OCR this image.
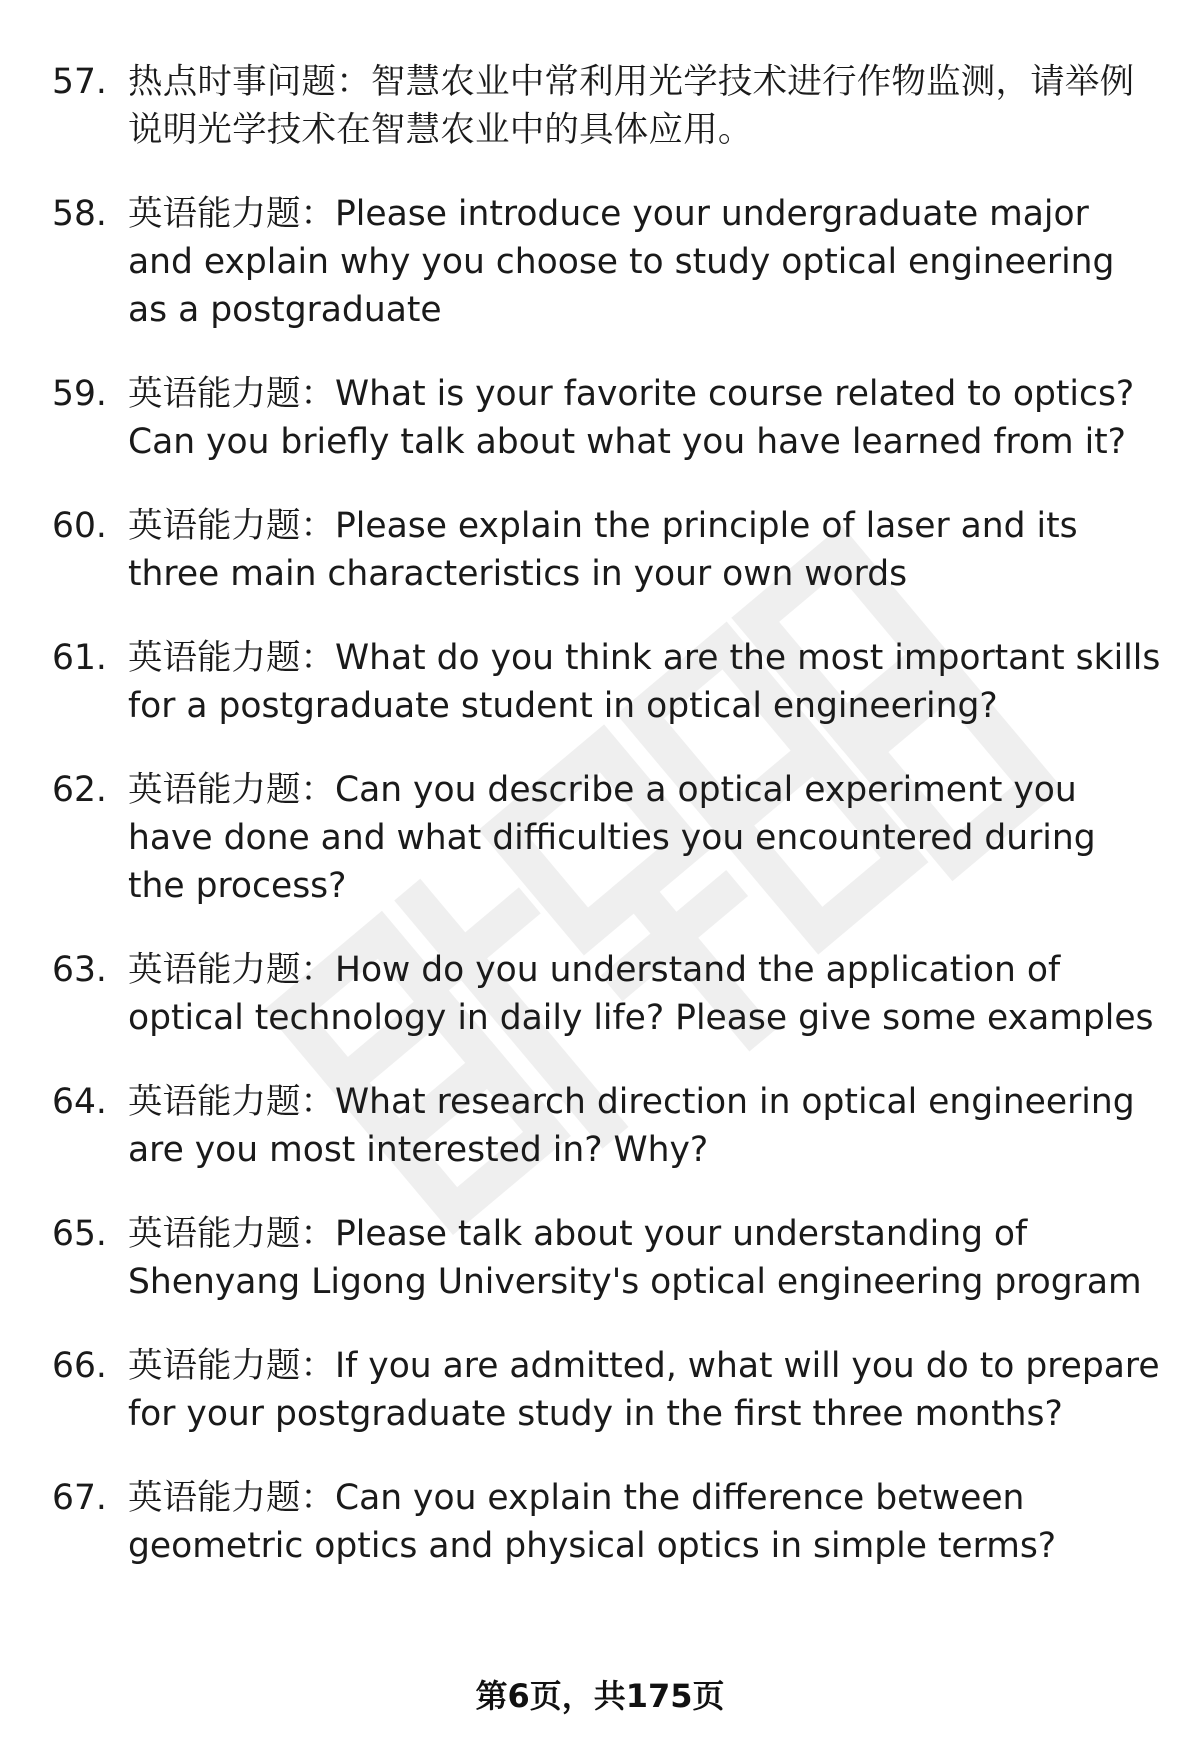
57. 热点时事问题：智慧农业中常利用光学技术进行作物监测，请举例说明光学技术在智慧农业中的具体应用。
58. 英语能力题：Please introduce your undergraduate major and explain why you choose to study optical engineering as a postgraduate
59. 英语能力题：What is your favorite course related to optics? Can you briefly talk about what you have learned from it?
60. 英语能力题：Please explain the principle of laser and its three main characteristics in your own words
61. 英语能力题：What do you think are the most important skills for a postgraduate student in optical engineering?
62. 英语能力题：Can you describe a optical experiment you have done and what difficulties you encountered during the process?
63. 英语能力题：How do you understand the application of optical technology in daily life? Please give some examples
64. 英语能力题：What research direction in optical engineering are you most interested in? Why?
65. 英语能力题：Please talk about your understanding of Shenyang Ligong University's optical engineering program
66. 英语能力题：If you are admitted, what will you do to prepare for your postgraduate study in the first three months?
67. 英语能力题：Can you explain the difference between geometric optics and physical optics in simple terms?
第6页，共175页
